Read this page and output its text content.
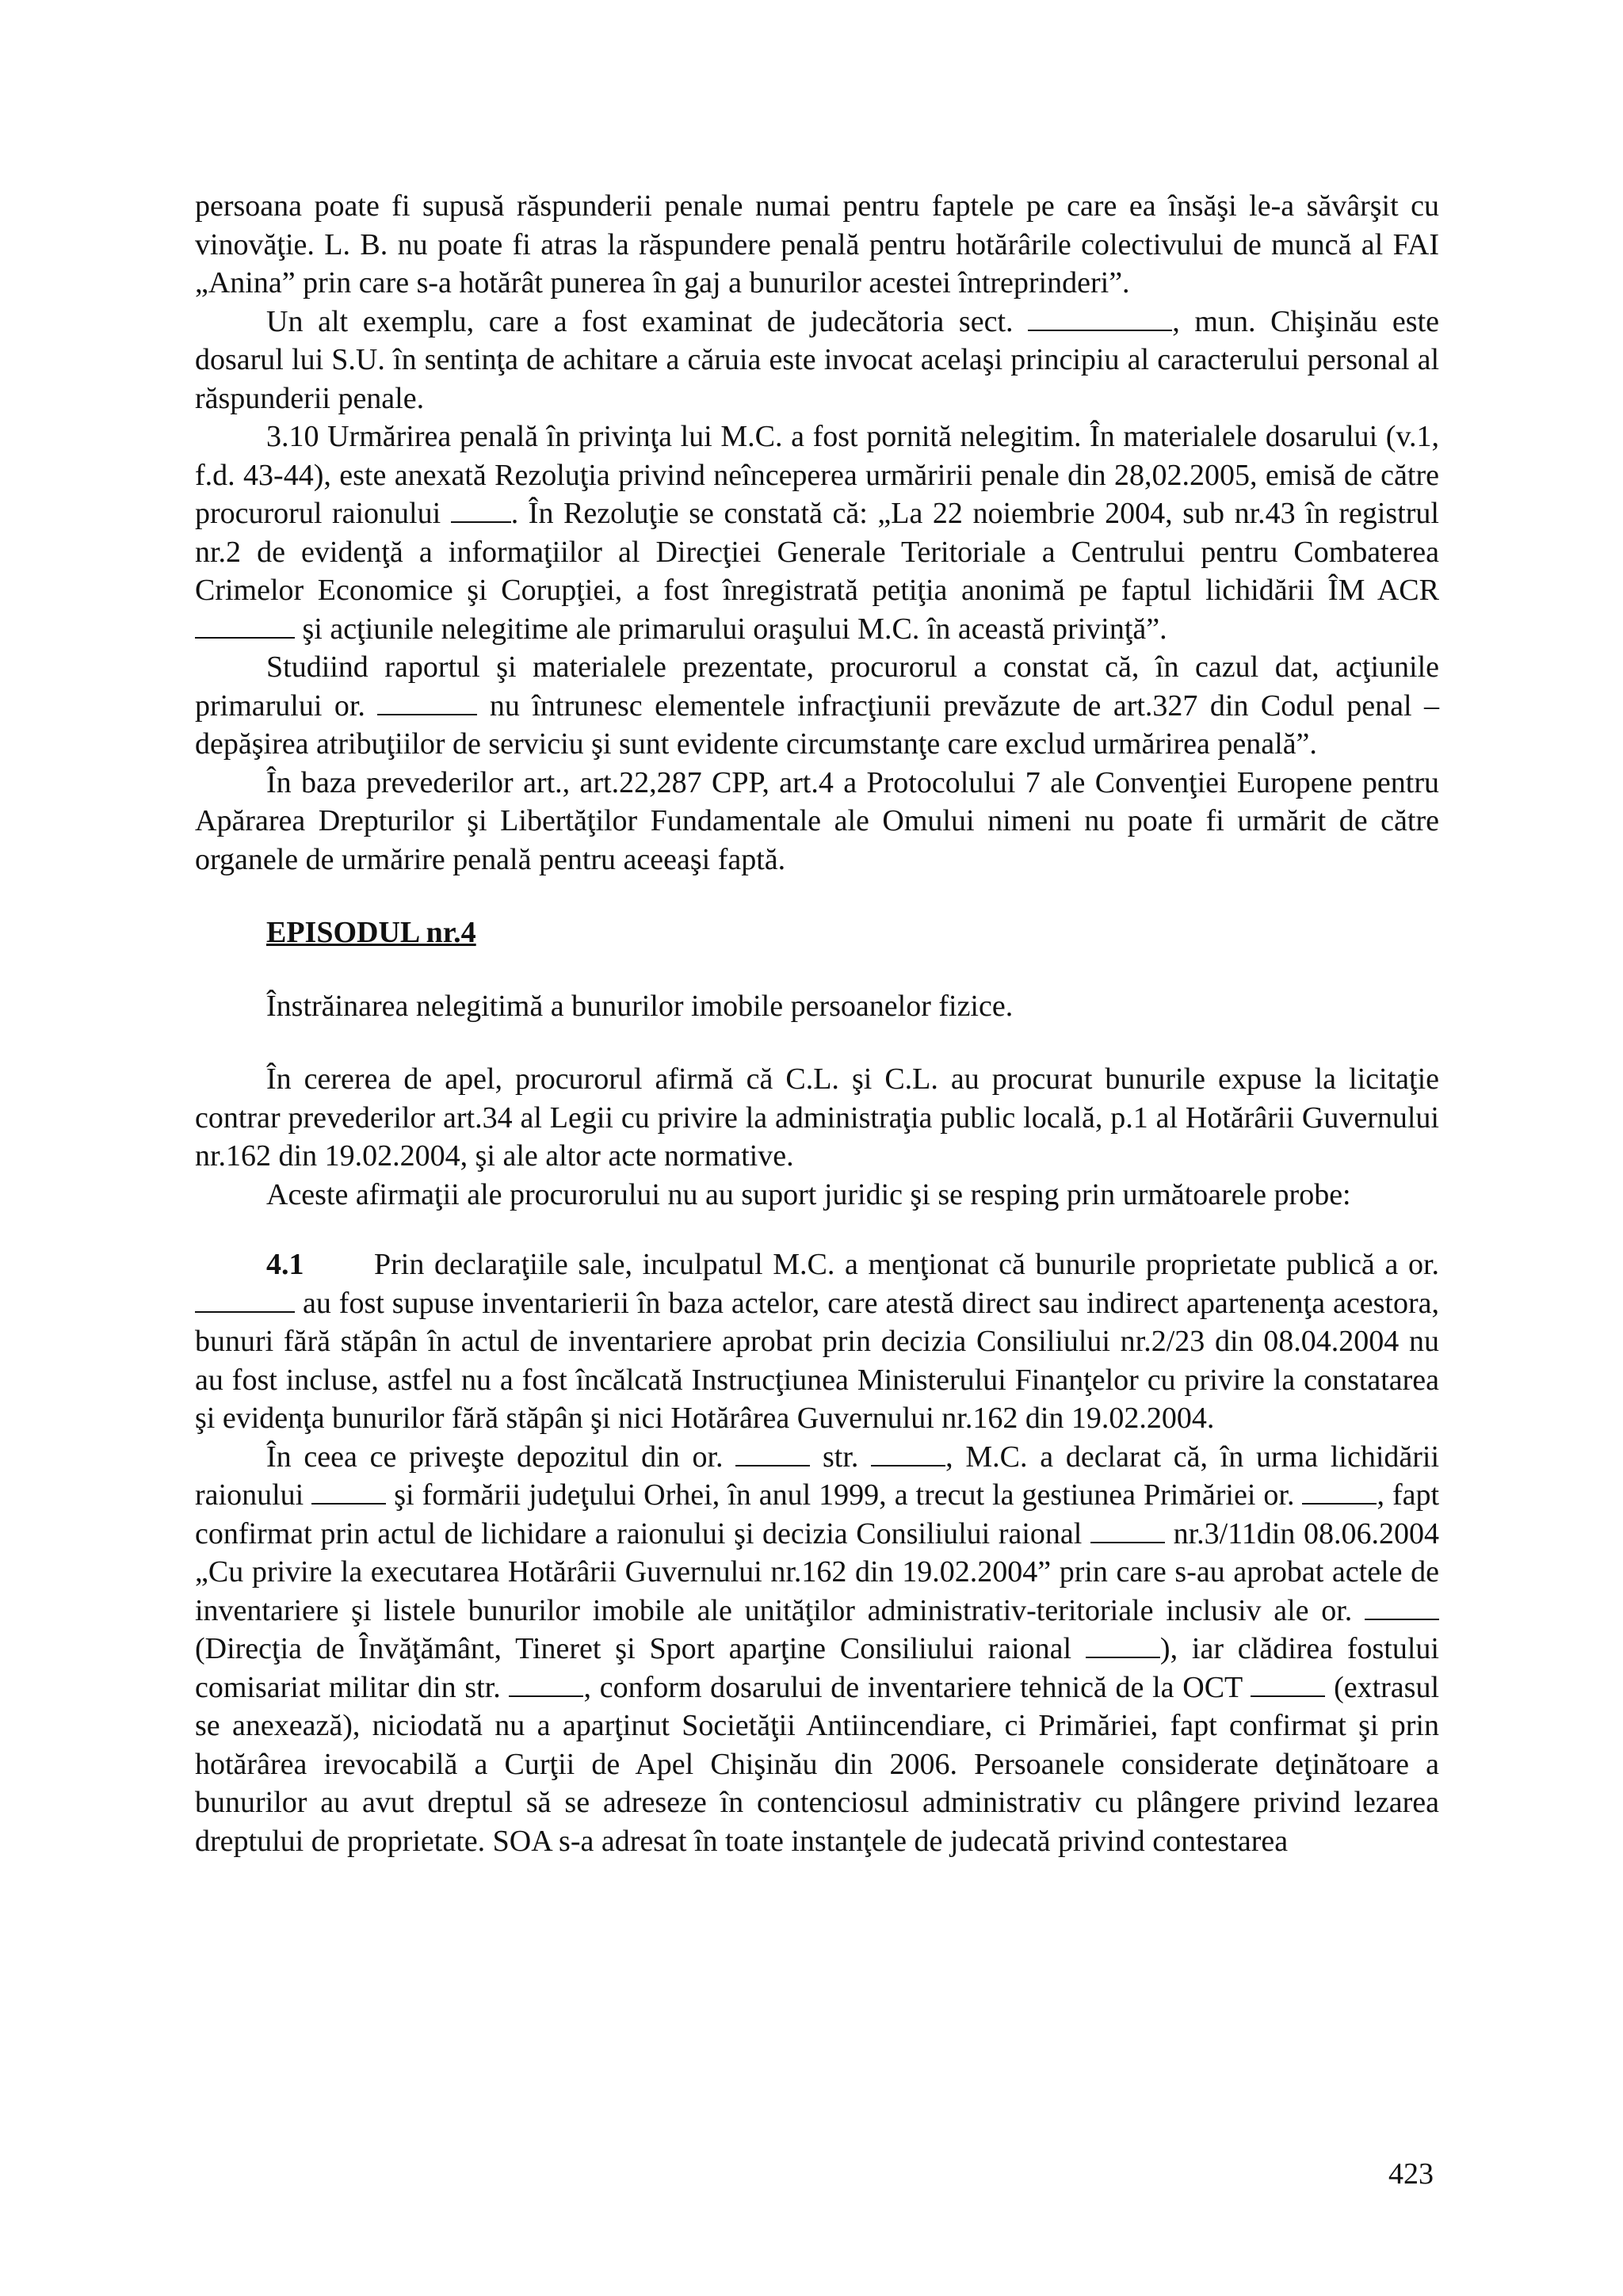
persoana poate fi supusă răspunderii penale numai pentru faptele pe care ea însăşi le-a săvârşit cu vinovăţie. L. B. nu poate fi atras la răspundere penală pentru hotărârile colectivului de muncă al FAI „Anina” prin care s-a hotărât punerea în gaj a bunurilor acestei întreprinderi”.

Un alt exemplu, care a fost examinat de judecătoria sect.	, mun. Chişinău este dosarul lui S.U. în sentinţa de achitare a căruia este invocat acelaşi principiu al caracterului personal al răspunderii penale.

3.10 Urmărirea penală în privinţa lui M.C. a fost pornită nelegitim. În materialele dosarului (v.1, f.d. 43-44), este anexată Rezoluţia privind neînceperea urmăririi penale din 28,02.2005, emisă de către procurorul raionului . În Rezoluţie se constată că: „La 22 noiembrie 2004, sub nr.43 în registrul nr.2 de evidenţă a informaţiilor al Direcţiei Generale Teritoriale a Centrului pentru Combaterea Crimelor Economice şi Corupţiei, a fost înregistrată petiţia anonimă pe faptul lichidării ÎM ACR  şi acţiunile nelegitime ale primarului oraşului M.C. în această privinţă”.

Studiind raportul şi materialele prezentate, procurorul a constat că, în cazul dat, acţiunile primarului or.	nu întrunesc elementele infracţiunii prevăzute de art.327 din Codul penal – depăşirea atribuţiilor de serviciu şi sunt evidente circumstanţe care exclud urmărirea penală”.

În baza prevederilor art., art.22,287 CPP, art.4 a Protocolului 7 ale Convenţiei Europene pentru Apărarea Drepturilor şi Libertăţilor Fundamentale ale Omului nimeni nu poate fi urmărit de către organele de urmărire penală pentru aceeaşi faptă.

EPISODUL nr.4

Înstrăinarea nelegitimă a bunurilor imobile persoanelor fizice.

În cererea de apel, procurorul afirmă că C.L. şi C.L. au procurat bunurile expuse la licitaţie contrar prevederilor art.34 al Legii cu privire la administraţia public locală, p.1 al Hotărârii Guvernului nr.162 din 19.02.2004, şi ale altor acte normative.

Aceste afirmaţii ale procurorului nu au suport juridic şi se resping prin următoarele probe:

4.1 Prin declaraţiile sale, inculpatul M.C. a menţionat că bunurile proprietate publică a or.  au fost supuse inventarierii în baza actelor, care atestă direct sau indirect apartenenţa acestora, bunuri fără stăpân în actul de inventariere aprobat prin decizia Consiliului nr.2/23 din 08.04.2004 nu au fost incluse, astfel nu a fost încălcată Instrucţiunea Ministerului Finanţelor cu privire la constatarea şi evidenţa bunurilor fără stăpân şi nici Hotărârea Guvernului nr.162 din 19.02.2004.

În ceea ce priveşte depozitul din or.	str.	, M.C. a declarat că, în urma lichidării raionului	şi formării judeţului Orhei, în anul 1999, a trecut la gestiunea Primăriei or.	, fapt confirmat prin actul de lichidare a raionului şi decizia Consiliului raional	nr.3/11din 08.06.2004 „Cu privire la executarea Hotărârii Guvernului nr.162 din 19.02.2004” prin care s-au aprobat actele de inventariere şi listele bunurilor imobile ale unităţilor administrativ-teritoriale inclusiv ale or.  (Direcţia de Învăţământ, Tineret şi Sport aparţine Consiliului raional	), iar clădirea fostului comisariat militar din str.	, conform dosarului de inventariere tehnică de la OCT	(extrasul se anexează), niciodată nu a aparţinut Societăţii Antiincendiare, ci Primăriei, fapt confirmat şi prin hotărârea irevocabilă a Curţii de Apel Chişinău din 2006. Persoanele considerate deţinătoare a bunurilor au avut dreptul să se adreseze în contenciosul administrativ cu plângere privind lezarea dreptului de proprietate. SOA s-a adresat în toate instanţele de judecată privind contestarea

423
